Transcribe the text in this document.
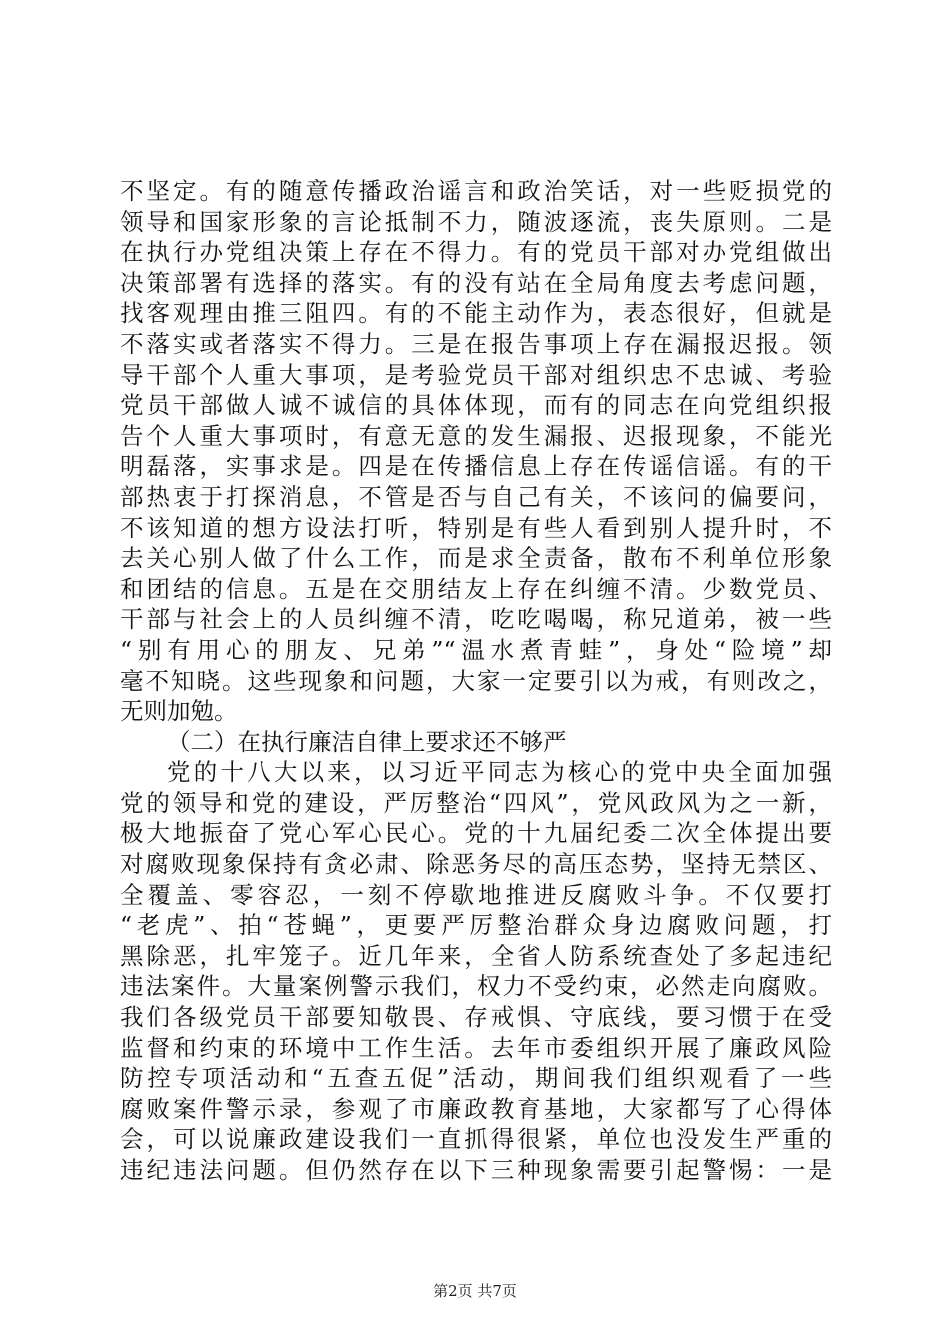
不坚定。有的随意传播政治谣言和政治笑话，对一些贬损党的
领导和国家形象的言论抵制不力，随波逐流，丧失原则。二是
在执行办党组决策上存在不得力。有的党员干部对办党组做出
决策部署有选择的落实。有的没有站在全局角度去考虑问题，
找客观理由推三阻四。有的不能主动作为，表态很好，但就是
不落实或者落实不得力。三是在报告事项上存在漏报迟报。领
导干部个人重大事项，是考验党员干部对组织忠不忠诚、考验
党员干部做人诚不诚信的具体体现，而有的同志在向党组织报
告个人重大事项时，有意无意的发生漏报、迟报现象，不能光
明磊落，实事求是。四是在传播信息上存在传谣信谣。有的干
部热衷于打探消息，不管是否与自己有关，不该问的偏要问，
不该知道的想方设法打听，特别是有些人看到别人提升时，不
去关心别人做了什么工作，而是求全责备，散布不利单位形象
和团结的信息。五是在交朋结友上存在纠缠不清。少数党员、
干部与社会上的人员纠缠不清，吃吃喝喝，称兄道弟，被一些
“别有用心的朋友、兄弟”“温水煮青蛙”，身处“险境”却
毫不知晓。这些现象和问题，大家一定要引以为戒，有则改之，
无则加勉。
（二）在执行廉洁自律上要求还不够严
党的十八大以来，以习近平同志为核心的党中央全面加强
党的领导和党的建设，严厉整治“四风”，党风政风为之一新，
极大地振奋了党心军心民心。党的十九届纪委二次全体提出要
对腐败现象保持有贪必肃、除恶务尽的高压态势，坚持无禁区、
全覆盖、零容忍，一刻不停歇地推进反腐败斗争。不仅要打
“老虎”、拍“苍蝇”，更要严厉整治群众身边腐败问题，打
黑除恶，扎牢笼子。近几年来，全省人防系统查处了多起违纪
违法案件。大量案例警示我们，权力不受约束，必然走向腐败。
我们各级党员干部要知敬畏、存戒惧、守底线，要习惯于在受
监督和约束的环境中工作生活。去年市委组织开展了廉政风险
防控专项活动和“五查五促”活动，期间我们组织观看了一些
腐败案件警示录，参观了市廉政教育基地，大家都写了心得体
会，可以说廉政建设我们一直抓得很紧，单位也没发生严重的
违纪违法问题。但仍然存在以下三种现象需要引起警惕：一是
第2页 共7页
